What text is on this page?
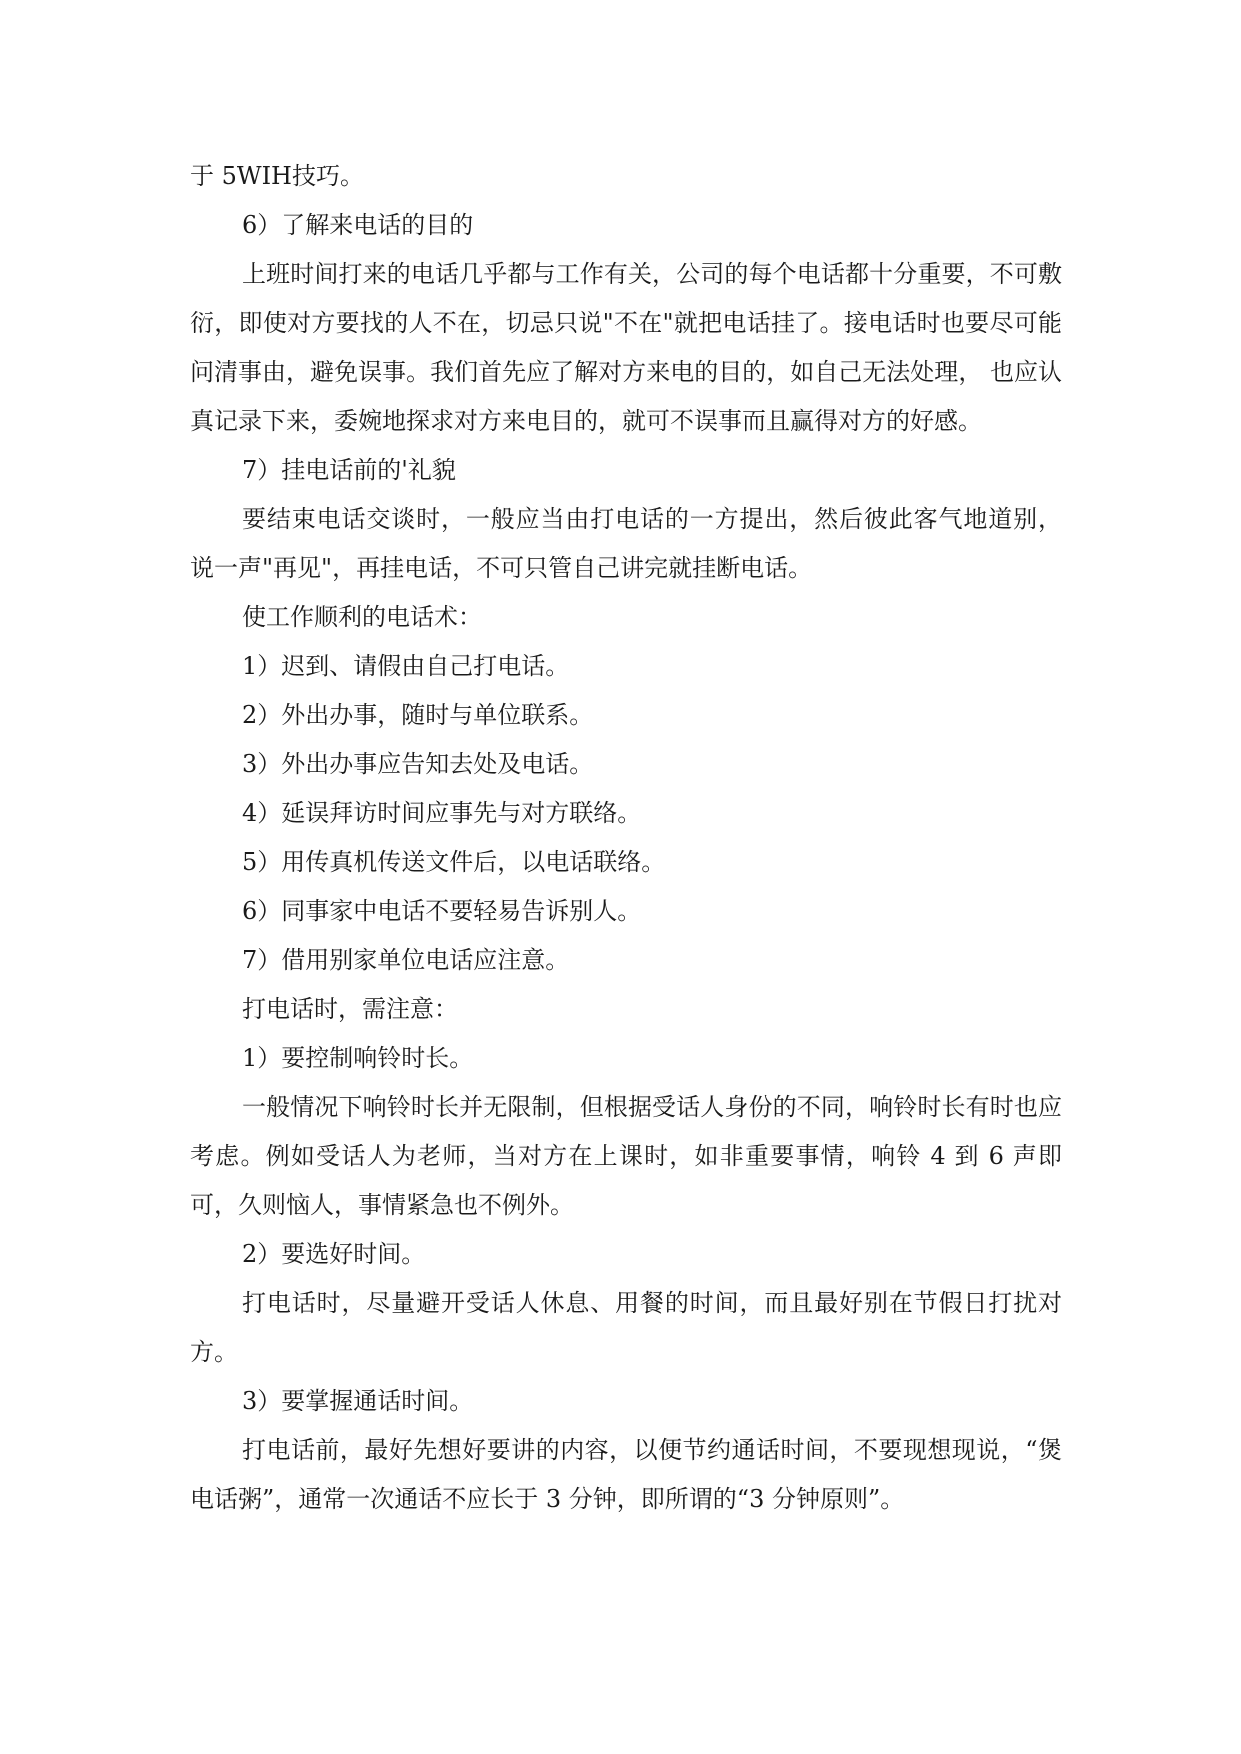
于 5WIH技巧。

6）了解来电话的目的

上班时间打来的电话几乎都与工作有关，公司的每个电话都十分重要，不可敷衍，即使对方要找的人不在，切忌只说"不在"就把电话挂了。接电话时也要尽可能问清事由，避免误事。我们首先应了解对方来电的目的，如自己无法处理， 也应认真记录下来，委婉地探求对方来电目的，就可不误事而且赢得对方的好感。

7）挂电话前的'礼貌

要结束电话交谈时，一般应当由打电话的一方提出，然后彼此客气地道别， 说一声"再见"，再挂电话，不可只管自己讲完就挂断电话。

使工作顺利的电话术：

1）迟到、请假由自己打电话。

2）外出办事，随时与单位联系。

3）外出办事应告知去处及电话。

4）延误拜访时间应事先与对方联络。

5）用传真机传送文件后，以电话联络。

6）同事家中电话不要轻易告诉别人。

7）借用别家单位电话应注意。

打电话时，需注意：

1）要控制响铃时长。

一般情况下响铃时长并无限制，但根据受话人身份的不同，响铃时长有时也应考虑。例如受话人为老师，当对方在上课时，如非重要事情，响铃 4 到 6 声即可，久则恼人，事情紧急也不例外。

2）要选好时间。

打电话时，尽量避开受话人休息、用餐的时间，而且最好别在节假日打扰对方。

3）要掌握通话时间。

打电话前，最好先想好要讲的内容，以便节约通话时间，不要现想现说，“煲电话粥”，通常一次通话不应长于 3 分钟，即所谓的“3 分钟原则”。
